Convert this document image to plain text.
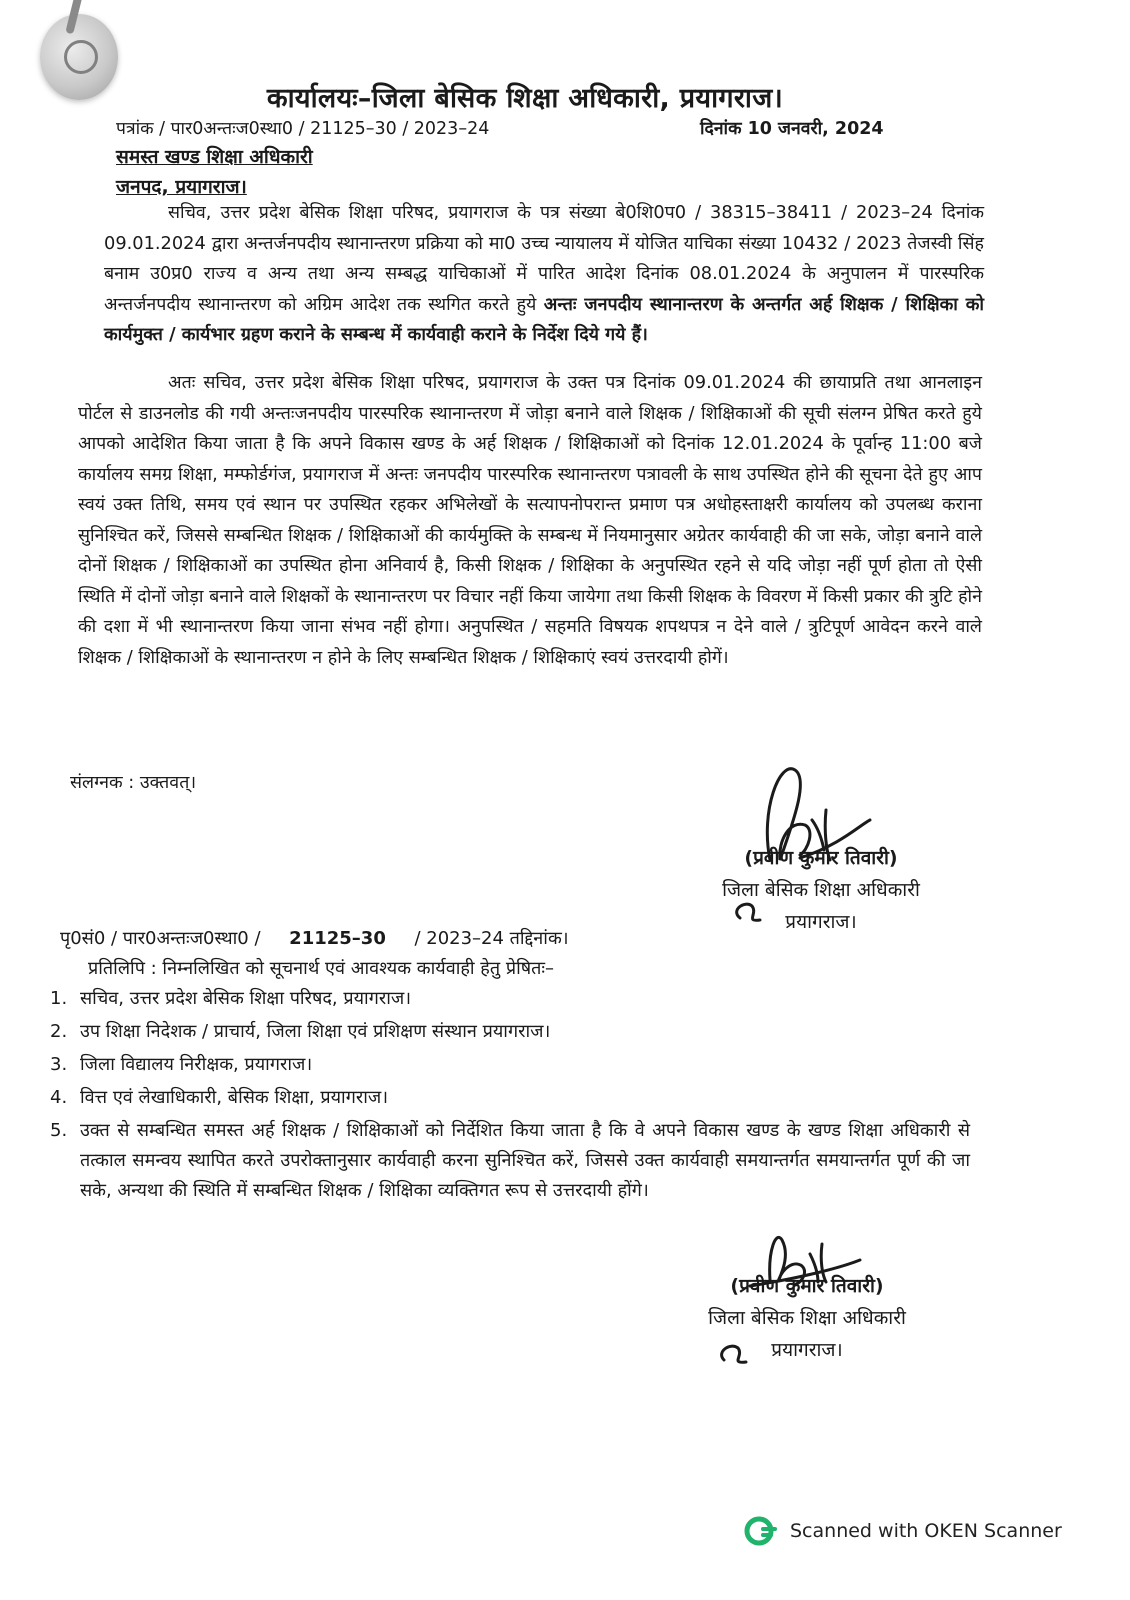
कार्यालयः–जिला बेसिक शिक्षा अधिकारी, प्रयागराज।
पत्रांक / पार0अन्तःज0स्था0 / 21125–30 / 2023–24	दिनांक 10 जनवरी, 2024
समस्त खण्ड शिक्षा अधिकारी
जनपद, प्रयागराज।
सचिव, उत्तर प्रदेश बेसिक शिक्षा परिषद, प्रयागराज के पत्र संख्या बे0शि0प0 / 38315–38411 / 2023–24 दिनांक 09.01.2024 द्वारा अन्तर्जनपदीय स्थानान्तरण प्रक्रिया को मा0 उच्च न्यायालय में योजित याचिका संख्या 10432 / 2023 तेजस्वी सिंह बनाम उ0प्र0 राज्य व अन्य तथा अन्य सम्बद्ध याचिकाओं में पारित आदेश दिनांक 08.01.2024 के अनुपालन में पारस्परिक अन्तर्जनपदीय स्थानान्तरण को अग्रिम आदेश तक स्थगित करते हुये अन्तः जनपदीय स्थानान्तरण के अन्तर्गत अर्ह शिक्षक / शिक्षिका को कार्यमुक्त / कार्यभार ग्रहण कराने के सम्बन्ध में कार्यवाही कराने के निर्देश दिये गये हैं।
अतः सचिव, उत्तर प्रदेश बेसिक शिक्षा परिषद, प्रयागराज के उक्त पत्र दिनांक 09.01.2024 की छायाप्रति तथा आनलाइन पोर्टल से डाउनलोड की गयी अन्तःजनपदीय पारस्परिक स्थानान्तरण में जोड़ा बनाने वाले शिक्षक / शिक्षिकाओं की सूची संलग्न प्रेषित करते हुये आपको आदेशित किया जाता है कि अपने विकास खण्ड के अर्ह शिक्षक / शिक्षिकाओं को दिनांक 12.01.2024 के पूर्वान्ह 11:00 बजे कार्यालय समग्र शिक्षा, मम्फोर्डगंज, प्रयागराज में अन्तः जनपदीय पारस्परिक स्थानान्तरण पत्रावली के साथ उपस्थित होने की सूचना देते हुए आप स्वयं उक्त तिथि, समय एवं स्थान पर उपस्थित रहकर अभिलेखों के सत्यापनोपरान्त प्रमाण पत्र अधोहस्ताक्षरी कार्यालय को उपलब्ध कराना सुनिश्चित करें, जिससे सम्बन्धित शिक्षक / शिक्षिकाओं की कार्यमुक्ति के सम्बन्ध में नियमानुसार अग्रेतर कार्यवाही की जा सके, जोड़ा बनाने वाले दोनों शिक्षक / शिक्षिकाओं का उपस्थित होना अनिवार्य है, किसी शिक्षक / शिक्षिका के अनुपस्थित रहने से यदि जोड़ा नहीं पूर्ण होता तो ऐसी स्थिति में दोनों जोड़ा बनाने वाले शिक्षकों के स्थानान्तरण पर विचार नहीं किया जायेगा तथा किसी शिक्षक के विवरण में किसी प्रकार की त्रुटि होने की दशा में भी स्थानान्तरण किया जाना संभव नहीं होगा। अनुपस्थित / सहमति विषयक शपथपत्र न देने वाले / त्रुटिपूर्ण आवेदन करने वाले शिक्षक / शिक्षिकाओं के स्थानान्तरण न होने के लिए सम्बन्धित शिक्षक / शिक्षिकाएं स्वयं उत्तरदायी होगें।
संलग्नक : उक्तवत्।
(प्रवीण कुमार तिवारी)
जिला बेसिक शिक्षा अधिकारी
प्रयागराज।
पृ0सं0 / पार0अन्तःज0स्था0 / 21125–30 / 2023–24 तद्दिनांक।
प्रतिलिपि : निम्नलिखित को सूचनार्थ एवं आवश्यक कार्यवाही हेतु प्रेषितः–
1. सचिव, उत्तर प्रदेश बेसिक शिक्षा परिषद, प्रयागराज।
2. उप शिक्षा निदेशक / प्राचार्य, जिला शिक्षा एवं प्रशिक्षण संस्थान प्रयागराज।
3. जिला विद्यालय निरीक्षक, प्रयागराज।
4. वित्त एवं लेखाधिकारी, बेसिक शिक्षा, प्रयागराज।
5. उक्त से सम्बन्धित समस्त अर्ह शिक्षक / शिक्षिकाओं को निर्देशित किया जाता है कि वे अपने विकास खण्ड के खण्ड शिक्षा अधिकारी से तत्काल समन्वय स्थापित करते उपरोक्तानुसार कार्यवाही करना सुनिश्चित करें, जिससे उक्त कार्यवाही समयान्तर्गत समयान्तर्गत पूर्ण की जा सके, अन्यथा की स्थिति में सम्बन्धित शिक्षक / शिक्षिका व्यक्तिगत रूप से उत्तरदायी होंगे।
(प्रवीण कुमार तिवारी)
जिला बेसिक शिक्षा अधिकारी
प्रयागराज।
Scanned with OKEN Scanner
